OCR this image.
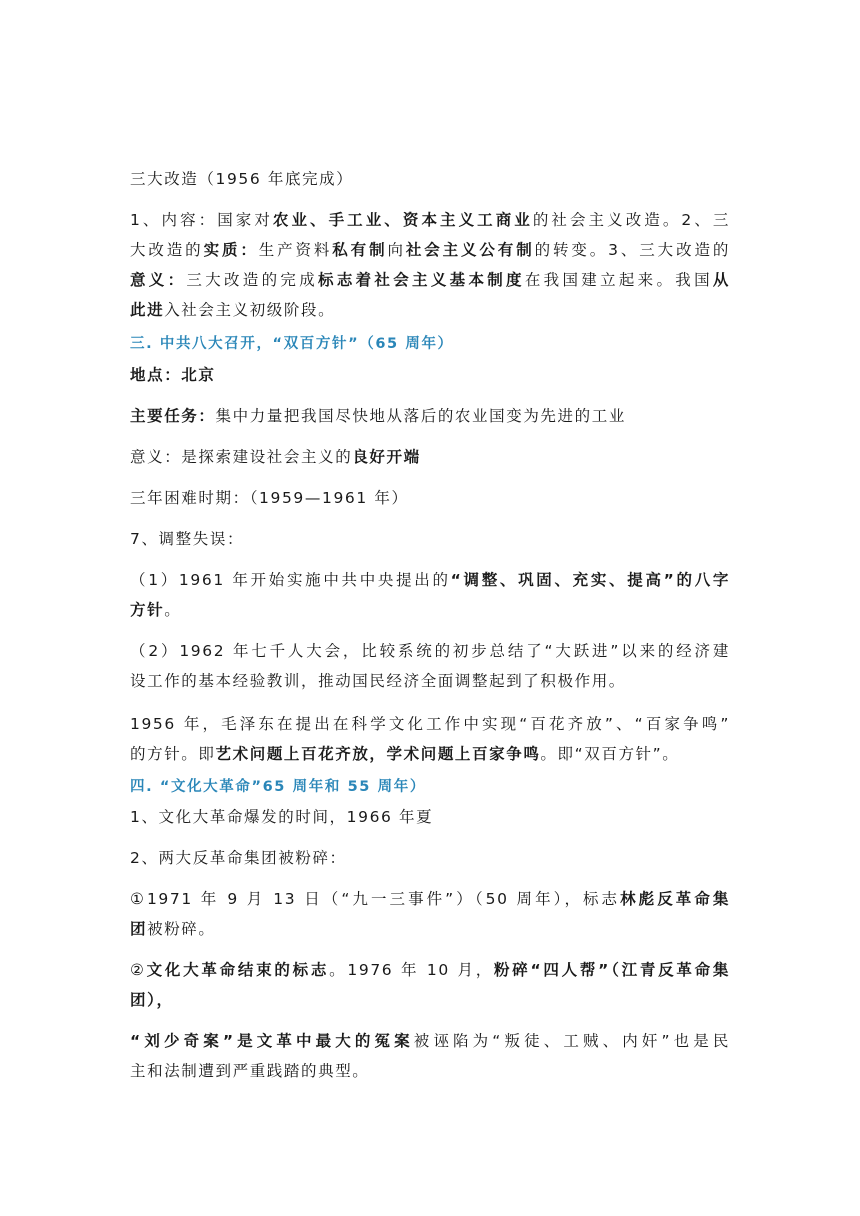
三大改造（1956 年底完成）
1、内容：国家对农业、手工业、资本主义工商业的社会主义改造。2、三
大改造的实质：生产资料私有制向社会主义公有制的转变。3、三大改造的
意义：三大改造的完成标志着社会主义基本制度在我国建立起来。我国从
此进入社会主义初级阶段。
三. 中共八大召开，“双百方针”（65 周年）
地点：北京
主要任务：集中力量把我国尽快地从落后的农业国变为先进的工业
意义：是探索建设社会主义的良好开端
三年困难时期：（1959—1961 年）
7、调整失误：
（1）1961 年开始实施中共中央提出的“调整、巩固、充实、提高”的八字
方针。
（2）1962 年七千人大会，比较系统的初步总结了“大跃进”以来的经济建
设工作的基本经验教训，推动国民经济全面调整起到了积极作用。
1956 年，毛泽东在提出在科学文化工作中实现“百花齐放”、“百家争鸣”
的方针。即艺术问题上百花齐放，学术问题上百家争鸣。即“双百方针”。
四. “文化大革命”65 周年和 55 周年）
1、文化大革命爆发的时间，1966 年夏
2、两大反革命集团被粉碎：
①1971 年 9 月 13 日（“九一三事件”）（50 周年），标志林彪反革命集
团被粉碎。
②文化大革命结束的标志。1976 年 10 月，粉碎“四人帮”（江青反革命集
团），
“刘少奇案”是文革中最大的冤案被诬陷为“叛徒、工贼、内奸”也是民
主和法制遭到严重践踏的典型。
